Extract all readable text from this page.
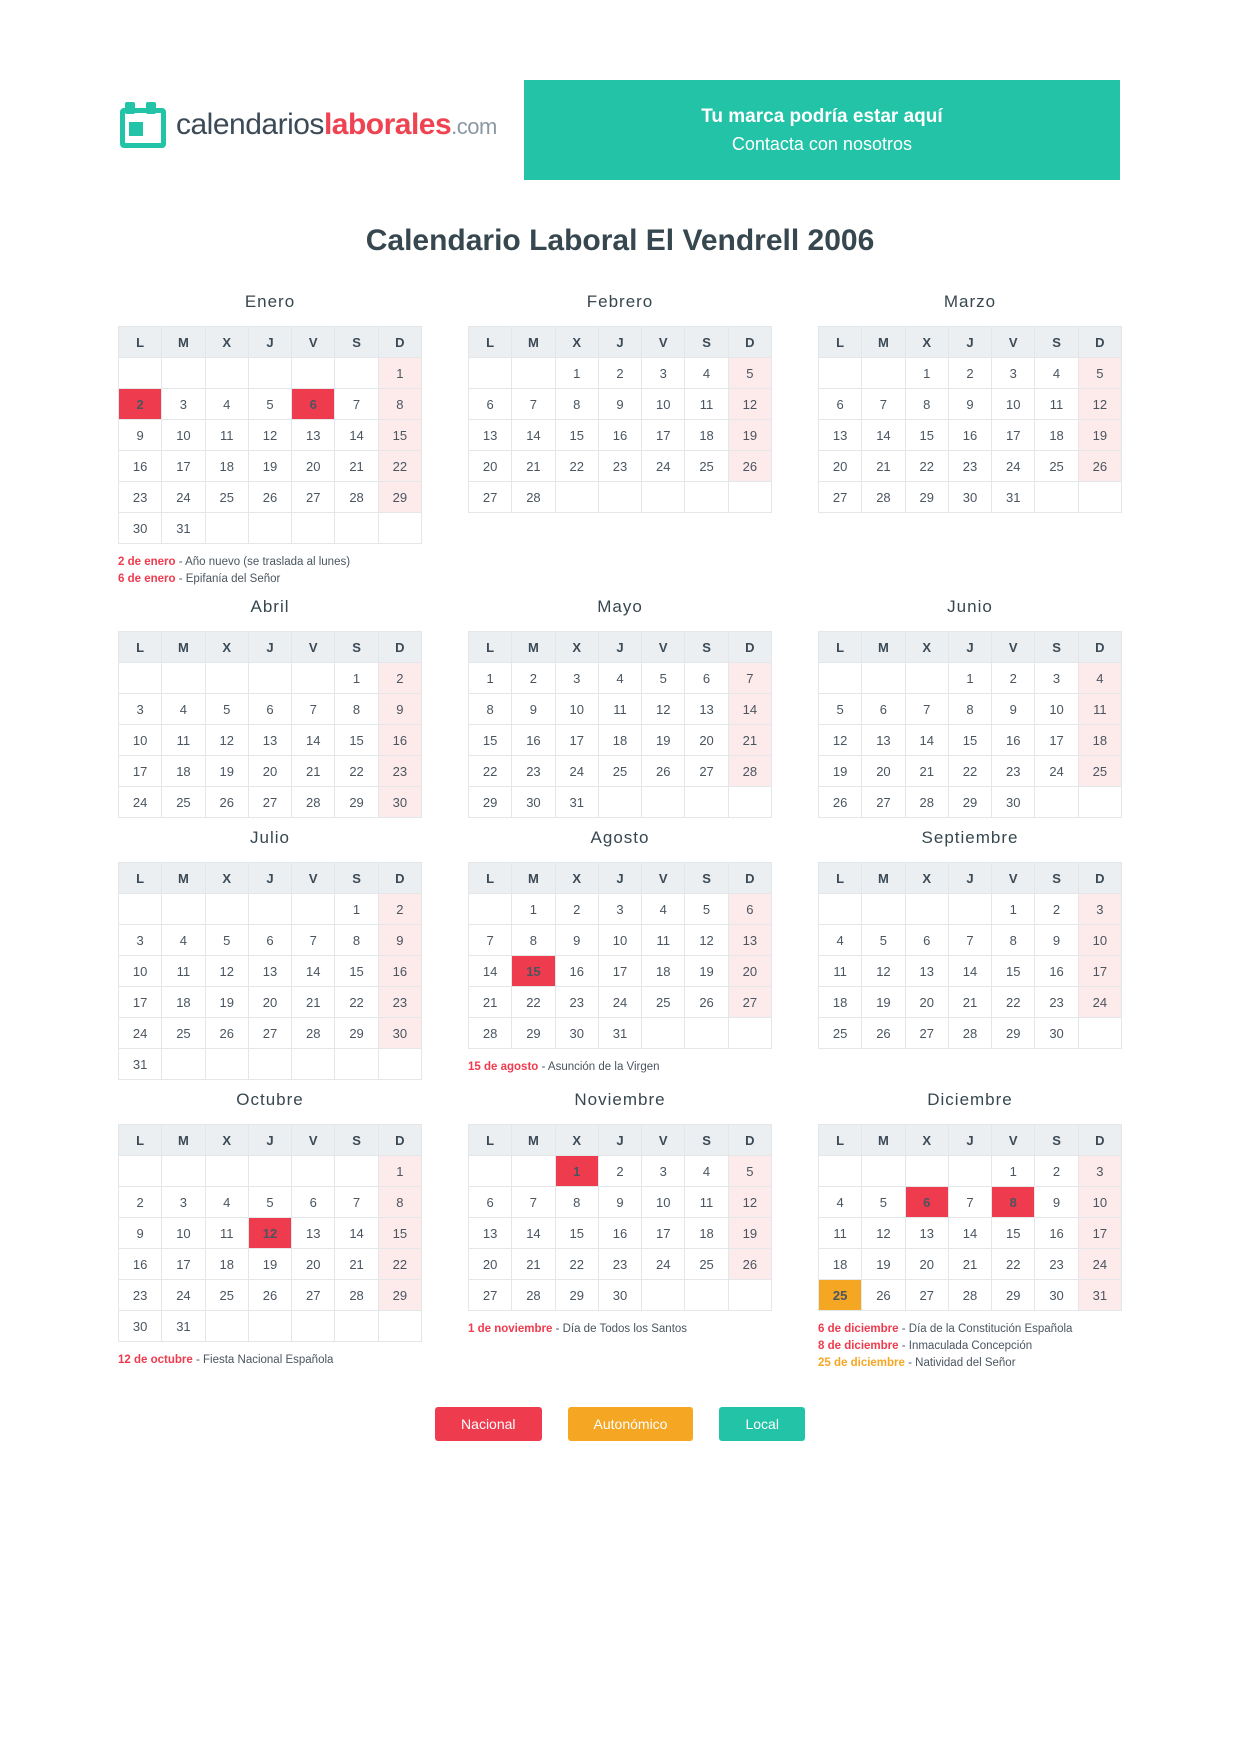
calendarioslaborales.com	Tu marca podría estar aquí
Contacta con nosotros
Calendario Laboral El Vendrell 2006
Enero
L	M	X	J	V	S	D
						1
2	3	4	5	6	7	8
9	10	11	12	13	14	15
16	17	18	19	20	21	22
23	24	25	26	27	28	29
30	31					
2 de enero - Año nuevo (se traslada al lunes)
6 de enero - Epifanía del Señor
Febrero
L	M	X	J	V	S	D
		1	2	3	4	5
6	7	8	9	10	11	12
13	14	15	16	17	18	19
20	21	22	23	24	25	26
27	28					
Marzo
L	M	X	J	V	S	D
		1	2	3	4	5
6	7	8	9	10	11	12
13	14	15	16	17	18	19
20	21	22	23	24	25	26
27	28	29	30	31		
Abril
L	M	X	J	V	S	D
					1	2
3	4	5	6	7	8	9
10	11	12	13	14	15	16
17	18	19	20	21	22	23
24	25	26	27	28	29	30
Mayo
L	M	X	J	V	S	D
1	2	3	4	5	6	7
8	9	10	11	12	13	14
15	16	17	18	19	20	21
22	23	24	25	26	27	28
29	30	31				
Junio
L	M	X	J	V	S	D
			1	2	3	4
5	6	7	8	9	10	11
12	13	14	15	16	17	18
19	20	21	22	23	24	25
26	27	28	29	30		
Julio
L	M	X	J	V	S	D
					1	2
3	4	5	6	7	8	9
10	11	12	13	14	15	16
17	18	19	20	21	22	23
24	25	26	27	28	29	30
31						
Agosto
L	M	X	J	V	S	D
	1	2	3	4	5	6
7	8	9	10	11	12	13
14	15	16	17	18	19	20
21	22	23	24	25	26	27
28	29	30	31			
15 de agosto - Asunción de la Virgen
Septiembre
L	M	X	J	V	S	D
				1	2	3
4	5	6	7	8	9	10
11	12	13	14	15	16	17
18	19	20	21	22	23	24
25	26	27	28	29	30	
Octubre
L	M	X	J	V	S	D
						1
2	3	4	5	6	7	8
9	10	11	12	13	14	15
16	17	18	19	20	21	22
23	24	25	26	27	28	29
30	31					
12 de octubre - Fiesta Nacional Española
Noviembre
L	M	X	J	V	S	D
		1	2	3	4	5
6	7	8	9	10	11	12
13	14	15	16	17	18	19
20	21	22	23	24	25	26
27	28	29	30			
1 de noviembre - Día de Todos los Santos
Diciembre
L	M	X	J	V	S	D
				1	2	3
4	5	6	7	8	9	10
11	12	13	14	15	16	17
18	19	20	21	22	23	24
25	26	27	28	29	30	31
6 de diciembre - Día de la Constitución Española
8 de diciembre - Inmaculada Concepción
25 de diciembre - Natividad del Señor
Nacional	Autonómico	Local
